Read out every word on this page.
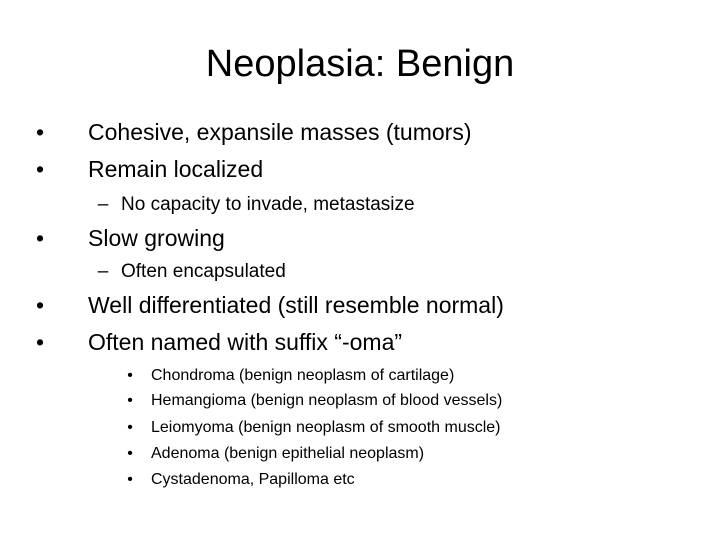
Neoplasia: Benign
• Cohesive, expansile masses (tumors)
• Remain localized
– No capacity to invade, metastasize
• Slow growing
– Often encapsulated
• Well differentiated (still resemble normal)
• Often named with suffix “-oma”
• Chondroma (benign neoplasm of cartilage)
• Hemangioma (benign neoplasm of blood vessels)
• Leiomyoma (benign neoplasm of smooth muscle)
• Adenoma (benign epithelial neoplasm)
• Cystadenoma, Papilloma etc
